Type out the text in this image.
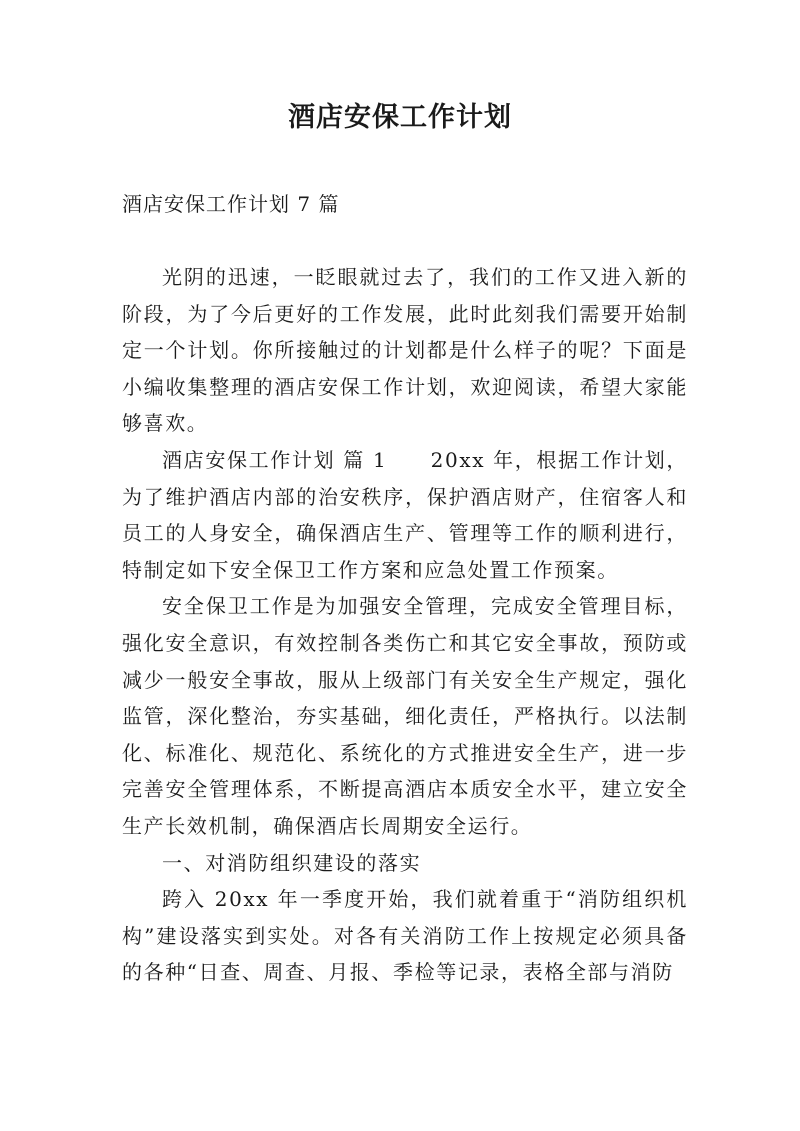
酒店安保工作计划
酒店安保工作计划 7 篇

光阴的迅速，一眨眼就过去了，我们的工作又进入新的阶段，为了今后更好的工作发展，此时此刻我们需要开始制定一个计划。你所接触过的计划都是什么样子的呢？下面是小编收集整理的酒店安保工作计划，欢迎阅读，希望大家能够喜欢。

酒店安保工作计划 篇 1　　20xx 年，根据工作计划，为了维护酒店内部的治安秩序，保护酒店财产，住宿客人和员工的人身安全，确保酒店生产、管理等工作的顺利进行，特制定如下安全保卫工作方案和应急处置工作预案。

安全保卫工作是为加强安全管理，完成安全管理目标，强化安全意识，有效控制各类伤亡和其它安全事故，预防或减少一般安全事故，服从上级部门有关安全生产规定，强化监管，深化整治，夯实基础，细化责任，严格执行。以法制化、标准化、规范化、系统化的方式推进安全生产，进一步完善安全管理体系，不断提高酒店本质安全水平，建立安全生产长效机制，确保酒店长周期安全运行。

一、对消防组织建设的落实

跨入 20xx 年一季度开始，我们就着重于“消防组织机构”建设落实到实处。对各有关消防工作上按规定必须具备的各种“日查、周查、月报、季检等记录，表格全部与消防
